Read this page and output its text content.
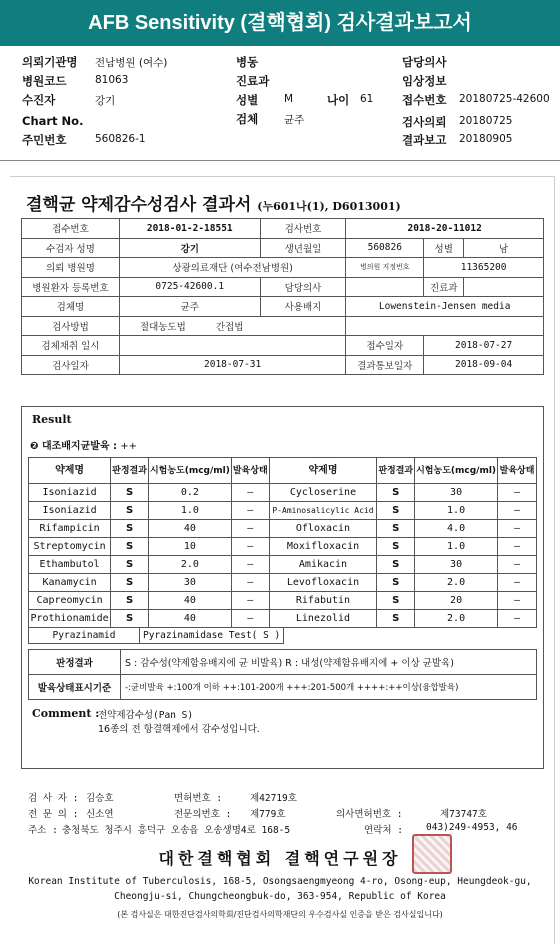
AFB Sensitivity (결핵협회) 검사결과보고서
의뢰기관명 전남병원 (여수)	병동	담당의사
병원코드	81063	진료과	임상정보
수진자	강기	성별 M	나이 61 접수번호 20180725-42600
Chart No.	검체 균주	검사의뢰 20180725
주민번호	560826-1	결과보고 20180905
결핵균 약제감수성검사 결과서 (누601나(1), D6013001)
접수번호	2018-01-2-18551	검사번호	2018-20-11012		
수검자 성명	강기	생년월일	560826	성별	남
의뢰 병원명	상광의료재단 (여수전남병원)		병의원 지정번호	11365200	
병원환자 등록번호	0725-42600.1	담당의사		진료과	
검체명	균주	사용배지	Lowenstein-Jensen media		
검사방법	절대농도법 간접법				
검체채취 일시			접수일자	2018-07-27	
검사일자	2018-07-31		결과통보일자	2018-09-04	
Result
❷ 대조배지균발육 : ++
약제명	판정결과	시험농도(mcg/ml)	발육상태	약제명	판정결과	시험농도(mcg/ml)	발육상태
Isoniazid	S	0.2	–	Cycloserine	S	30	–
Isoniazid	S	1.0	–	P-Aminosalicylic Acid	S	1.0	–
Rifampicin	S	40	–	Ofloxacin	S	4.0	–
Streptomycin	S	10	–	Moxifloxacin	S	1.0	–
Ethambutol	S	2.0	–	Amikacin	S	30	–
Kanamycin	S	30	–	Levofloxacin	S	2.0	–
Capreomycin	S	40	–	Rifabutin	S	20	–
Prothionamide	S	40	–	Linezolid	S	2.0	–
Pyrazinamid	Pyrazinamidase Test( S )
판정결과	S : 감수성(약제함유배지에 균 비발육) R : 내성(약제함유배지에 + 이상 균발육)
발육상태표시기준	-:균비발육 +:100개 이하 ++:101-200개 +++:201-500개 ++++:++이상(융합발육)
Comment :
전약제감수성(Pan S)
16종의 전 항결핵제에서 감수성입니다.
검 사 자 : 김승호	면허번호 :	제42719호
전 문 의 : 신소연	전문의번호 : 제779호	의사면허번호 :	제73747호
주소 : 충청북도 청주시 흥덕구 오송읍 오송생명4로 168-5	연락처 : 043)249-4953, 46
대한결핵협회 결핵연구원장
Korean Institute of Tuberculosis, 168-5, Osongsaengmyeong 4-ro, Osong-eup, Heungdeok-gu,
Cheongju-si, Chungcheongbuk-do, 363-954, Republic of Korea
(본 검사실은 대한진단검사의학회/진단검사의학재단의 우수검사실 인증을 받은 검사실입니다)
